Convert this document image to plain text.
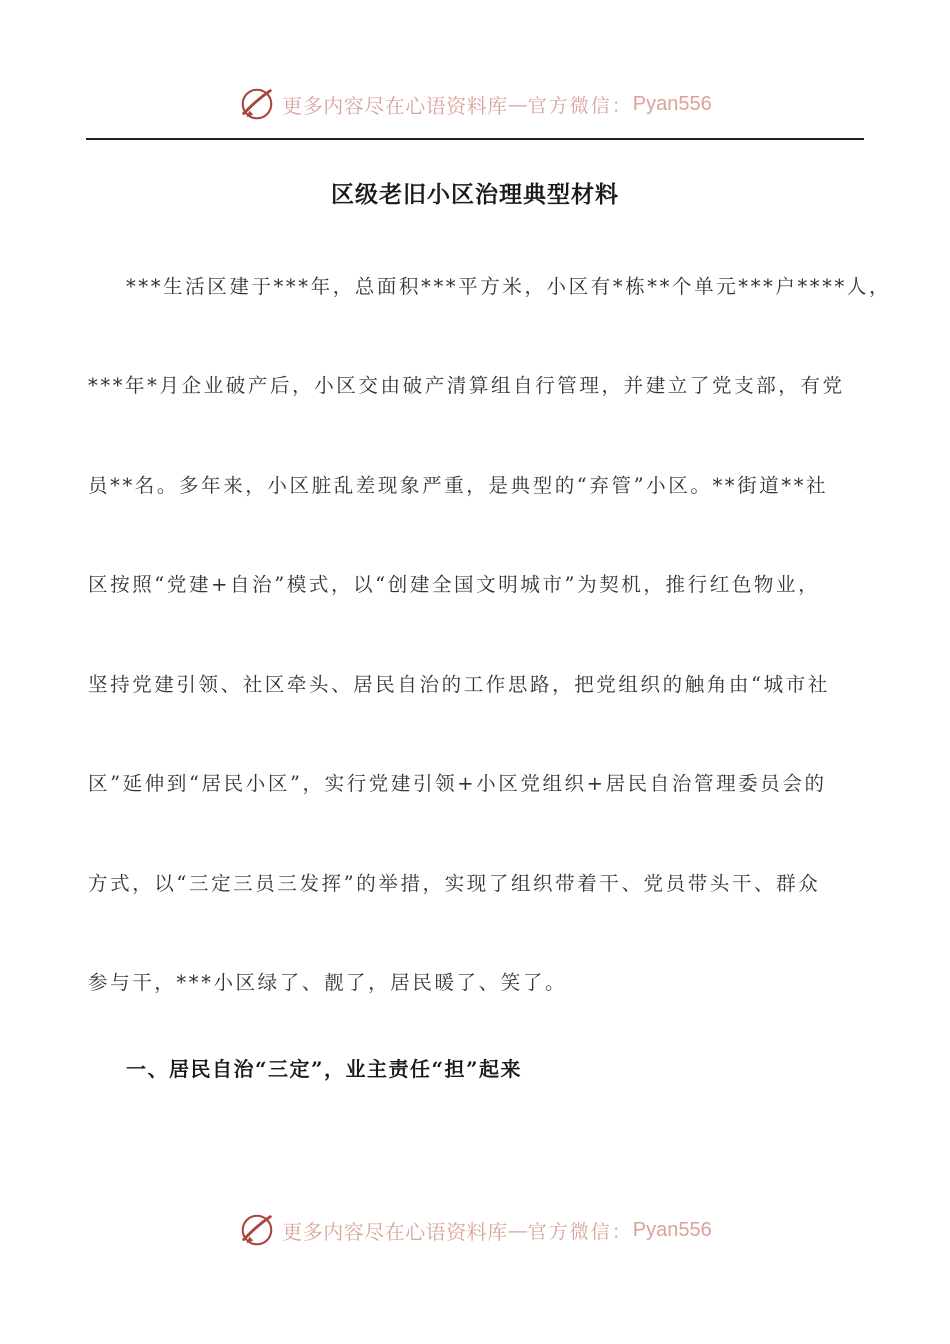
更多内容尽在心语资料库 — 官方微信： Pyan556
区级老旧小区治理典型材料
***生活区建于***年，总面积***平方米，小区有*栋**个单元***户****人，
***年*月企业破产后，小区交由破产清算组自行管理，并建立了党支部，有党
员**名。多年来，小区脏乱差现象严重，是典型的“弃管”小区。**街道**社
区按照“党建+自治”模式，以“创建全国文明城市”为契机，推行红色物业，
坚持党建引领、社区牵头、居民自治的工作思路，把党组织的触角由“城市社
区”延伸到“居民小区”，实行党建引领+小区党组织+居民自治管理委员会的
方式，以“三定三员三发挥”的举措，实现了组织带着干、党员带头干、群众
参与干，***小区绿了、靓了，居民暖了、笑了。
一、居民自治“三定”，业主责任“担”起来
更多内容尽在心语资料库 — 官方微信： Pyan556
